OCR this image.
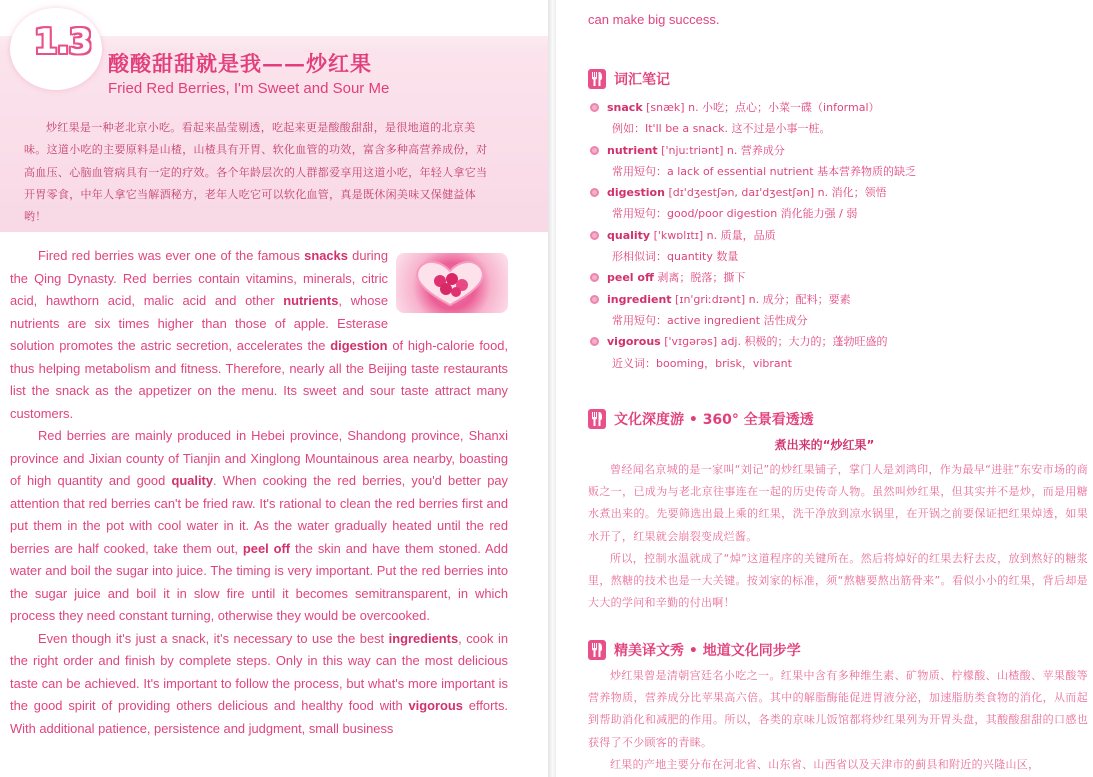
1.3
酸酸甜甜就是我——炒红果
Fried Red Berries, I'm Sweet and Sour Me
炒红果是一种老北京小吃。看起来晶莹剔透，吃起来更是酸酸甜甜，是很地道的北京美味。这道小吃的主要原料是山楂，山楂具有开胃、软化血管的功效，富含多种高营养成份，对高血压、心脑血管病具有一定的疗效。各个年龄层次的人群都爱享用这道小吃，年轻人拿它当开胃零食，中年人拿它当解酒秘方，老年人吃它可以软化血管，真是既休闲美味又保健益体哟！

Fired red berries was ever one of the famous snacks during the Qing Dynasty. Red berries contain vitamins, minerals, citric acid, hawthorn acid, malic acid and other nutrients, whose nutrients are six times higher than those of apple. Esterase solution promotes the astric secretion, accelerates the digestion of high-calorie food, thus helping metabolism and fitness. Therefore, nearly all the Beijing taste restaurants list the snack as the appetizer on the menu. Its sweet and sour taste attract many customers.

Red berries are mainly produced in Hebei province, Shandong province, Shanxi province and Jixian county of Tianjin and Xinglong Mountainous area nearby, boasting of high quantity and good quality. When cooking the red berries, you'd better pay attention that red berries can't be fried raw. It's rational to clean the red berries first and put them in the pot with cool water in it. As the water gradually heated until the red berries are half cooked, take them out, peel off the skin and have them stoned. Add water and boil the sugar into juice. The timing is very important. Put the red berries into the sugar juice and boil it in slow fire until it becomes semitransparent, in which process they need constant turning, otherwise they would be overcooked.

Even though it's just a snack, it's necessary to use the best ingredients, cook in the right order and finish by complete steps. Only in this way can the most delicious taste can be achieved. It's important to follow the process, but what's more important is the good spirit of providing others delicious and healthy food with vigorous efforts. With additional patience, persistence and judgment, small business

can make big success.
词汇笔记
snack [snæk] n. 小吃；点心；小菜一碟（informal）
例如：It'll be a snack. 这不过是小事一桩。
nutrient ['njuːtriənt] n. 营养成分
常用短句：a lack of essential nutrient 基本营养物质的缺乏
digestion [dɪ'dʒestʃən, daɪ'dʒestʃən] n. 消化；领悟
常用短句：good/poor digestion 消化能力强 / 弱
quality ['kwɒlɪtɪ] n. 质量，品质
形相似词：quantity 数量
peel off 剥离；脱落；撕下
ingredient [ɪn'griːdɪənt] n. 成分；配料；要素
常用短句：active ingredient 活性成分
vigorous ['vɪɡərəs] adj. 积极的；大力的；蓬勃旺盛的
近义词：booming，brisk，vibrant
文化深度游 • 360° 全景看透透
煮出来的“炒红果”
曾经闻名京城的是一家叫“刘记”的炒红果铺子，掌门人是刘鸿印，作为最早“进驻”东安市场的商贩之一，已成为与老北京往事连在一起的历史传奇人物。虽然叫炒红果，但其实并不是炒，而是用糖水煮出来的。先要筛选出最上乘的红果，洗干净放到凉水锅里，在开锅之前要保证把红果焯透，如果水开了，红果就会崩裂变成烂酱。
所以，控制水温就成了“焯”这道程序的关键所在。然后将焯好的红果去籽去皮，放到熬好的糖浆里，熬糖的技术也是一大关键。按刘家的标准，须“熬糖要熬出筋骨来”。看似小小的红果，背后却是大大的学问和辛勤的付出啊！
精美译文秀 • 地道文化同步学
炒红果曾是清朝宫廷名小吃之一。红果中含有多种维生素、矿物质、柠檬酸、山楂酸、苹果酸等营养物质，营养成分比苹果高六倍。其中的解脂酶能促进胃液分泌，加速脂肪类食物的消化，从而起到帮助消化和减肥的作用。所以，各类的京味儿饭馆都将炒红果列为开胃头盘，其酸酸甜甜的口感也获得了不少顾客的青睐。
红果的产地主要分布在河北省、山东省、山西省以及天津市的蓟县和附近的兴隆山区，
